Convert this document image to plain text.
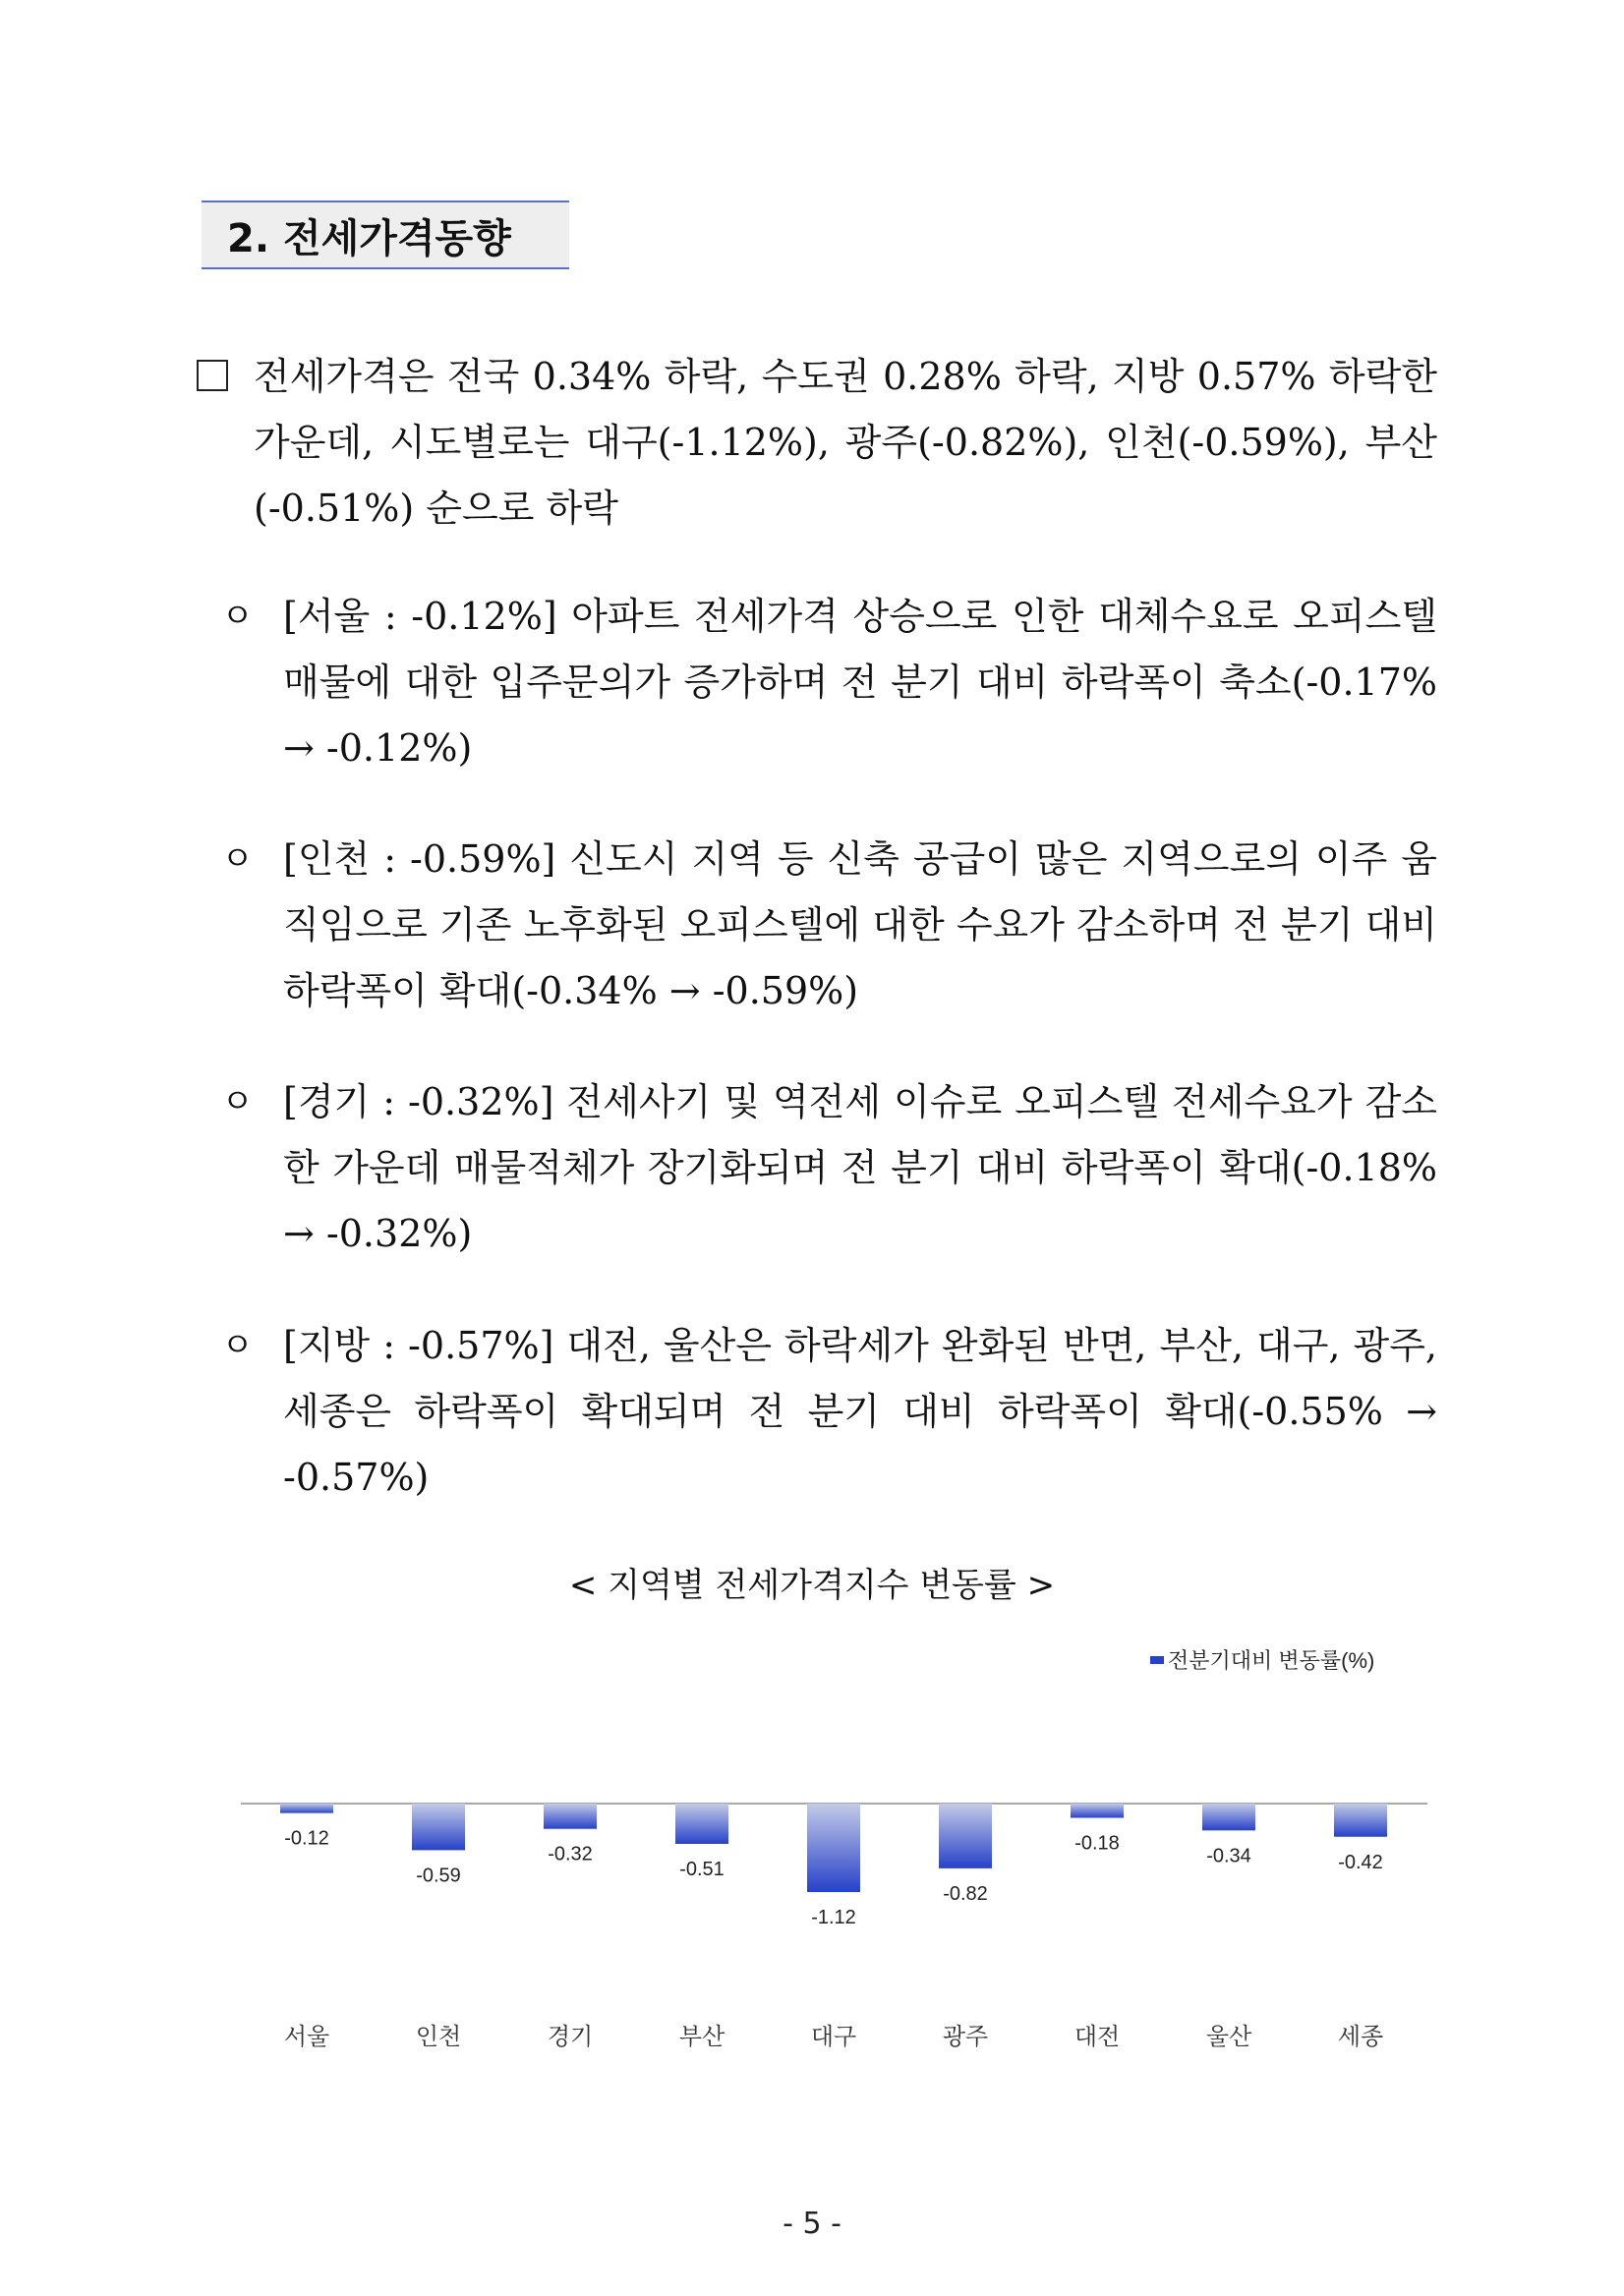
2. 전세가격동향
전세가격은 전국 0.34% 하락, 수도권 0.28% 하락, 지방 0.57% 하락한 가운데, 시도별로는 대구(-1.12%), 광주(-0.82%), 인천(-0.59%), 부산(-0.51%) 순으로 하락
ㅇ [서울 : -0.12%] 아파트 전세가격 상승으로 인한 대체수요로 오피스텔 매물에 대한 입주문의가 증가하며 전 분기 대비 하락폭이 축소(-0.17% → -0.12%)
ㅇ [인천 : -0.59%] 신도시 지역 등 신축 공급이 많은 지역으로의 이주 움직임으로 기존 노후화된 오피스텔에 대한 수요가 감소하며 전 분기 대비 하락폭이 확대(-0.34% → -0.59%)
ㅇ [경기 : -0.32%] 전세사기 및 역전세 이슈로 오피스텔 전세수요가 감소한 가운데 매물적체가 장기화되며 전 분기 대비 하락폭이 확대(-0.18% → -0.32%)
ㅇ [지방 : -0.57%] 대전, 울산은 하락세가 완화된 반면, 부산, 대구, 광주, 세종은 하락폭이 확대되며 전 분기 대비 하락폭이 확대(-0.55% → -0.57%)
< 지역별 전세가격지수 변동률 >
전분기대비 변동률(%)
-0.12
-0.59
-0.32
-0.51
-1.12
-0.82
-0.18
-0.34	-0.42
서울	인천	경기	부산	대구	광주	대전	울산	세종
- 5 -
